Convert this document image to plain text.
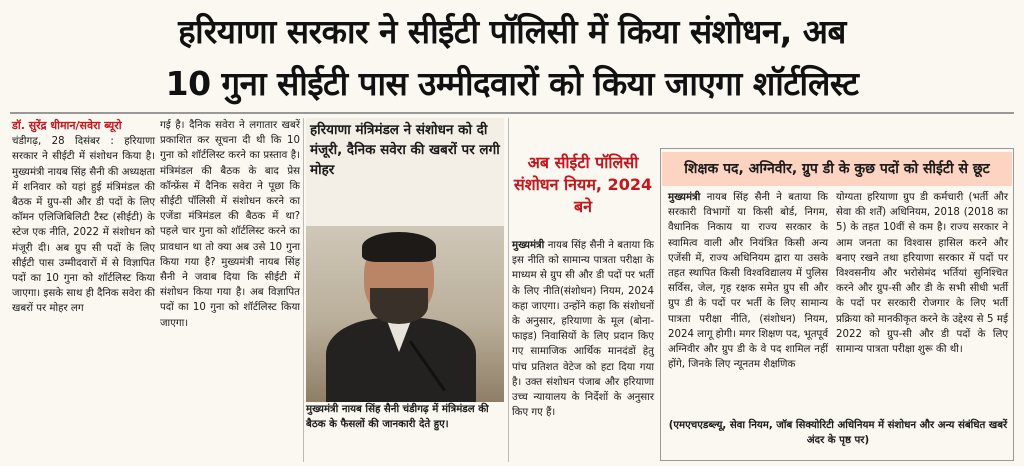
हरियाणा सरकार ने सीईटी पॉलिसी में किया संशोधन, अब
10 गुना सीईटी पास उम्मीदवारों को किया जाएगा शॉर्टलिस्ट
डॉ. सुरेंद्र धीमान/सवेरा ब्यूरो
चंडीगढ़, 28 दिसंबर : हरियाणा सरकार ने सीईटी में संशोधन किया है। मुख्यमंत्री नायब सिंह सैनी की अध्यक्षता में शनिवार को यहां हुई मंत्रिमंडल की बैठक में ग्रुप-सी और डी पदों के लिए कॉमन एलिजिबिलिटी टैस्ट (सीईटी) के स्टेज एक नीति, 2022 में संशोधन को मंजूरी दी। अब ग्रुप सी पदों के लिए सीईटी पास उम्मीदवारों में से विज्ञापित पदों का 10 गुना को शॉर्टलिस्ट किया जाएगा। इसके साथ ही दैनिक सवेरा की खबरों पर मोहर लग
गई है। दैनिक सवेरा ने लगातार खबरें प्रकाशित कर सूचना दी थी कि 10 गुना को शॉर्टलिस्ट करने का प्रस्ताव है। मंत्रिमंडल की बैठक के बाद प्रेस कॉन्फ्रेंस में दैनिक सवेरा ने पूछा कि सीईटी पॉलिसी में संशोधन करने का एजेंडा मंत्रिमंडल की बैठक में था? पहले चार गुना को शॉर्टलिस्ट करने का प्रावधान था तो क्या अब उसे 10 गुना किया गया है? मुख्यमंत्री नायब सिंह सैनी ने जवाब दिया कि सीईटी में संशोधन किया गया है। अब विज्ञापित पदों का 10 गुना को शॉर्टलिस्ट किया जाएगा।
हरियाणा मंत्रिमंडल ने संशोधन को दी मंजूरी, दैनिक सवेरा की खबरों पर लगी मोहर
मुख्यमंत्री नायब सिंह सैनी चंडीगढ़ में मंत्रिमंडल की बैठक के फैसलों की जानकारी देते हुए।
अब सीईटी पॉलिसी संशोधन नियम, 2024 बने
मुख्यमंत्री नायब सिंह सैनी ने बताया कि इस नीति को सामान्य पात्रता परीक्षा के माध्यम से ग्रुप सी और डी पदों पर भर्ती के लिए नीति(संशोधन) नियम, 2024 कहा जाएगा। उन्होंने कहा कि संशोधनों के अनुसार, हरियाणा के मूल (बोना-फाइड) निवासियों के लिए प्रदान किए गए सामाजिक आर्थिक मानदंडों हेतु पांच प्रतिशत वेटेज को हटा दिया गया है। उक्त संशोधन पंजाब और हरियाणा उच्च न्यायालय के निर्देशों के अनुसार किए गए हैं।
शिक्षक पद, अग्निवीर, ग्रुप डी के कुछ पदों को सीईटी से छूट
मुख्यमंत्री नायब सिंह सैनी ने बताया कि सरकारी विभागों या किसी बोर्ड, निगम, वैधानिक निकाय या राज्य सरकार के स्वामित्व वाली और नियंत्रित किसी अन्य एजेंसी में, राज्य अधिनियम द्वारा या उसके तहत स्थापित किसी विश्वविद्यालय में पुलिस सर्विस, जेल, गृह रक्षक समेत ग्रुप सी और ग्रुप डी के पदों पर भर्ती के लिए सामान्य पात्रता परीक्षा नीति, (संशोधन) नियम, 2024 लागू होगी। मगर शिक्षण पद, भूतपूर्व अग्निवीर और ग्रुप डी के वे पद शामिल नहीं होंगे, जिनके लिए न्यूनतम शैक्षणिक
योग्यता हरियाणा ग्रुप डी कर्मचारी (भर्ती और सेवा की शर्तें) अधिनियम, 2018 (2018 का 5) के तहत 10वीं से कम है। राज्य सरकार ने आम जनता का विश्वास हासिल करने और बनाए रखने तथा हरियाणा सरकार में पदों पर विश्वसनीय और भरोसेमंद भर्तियां सुनिश्चित करने और ग्रुप-सी और डी के सभी सीधी भर्ती के पदों पर सरकारी रोजगार के लिए भर्ती प्रक्रिया को मानकीकृत करने के उद्देश्य से 5 मई 2022 को ग्रुप-सी और डी पदों के लिए सामान्य पात्रता परीक्षा शुरू की थी।
(एमएचएडब्ल्यू, सेवा नियम, जॉब सिक्योरिटी अधिनियम में संशोधन और अन्य संबंधित खबरें अंदर के पृष्ठ पर)
